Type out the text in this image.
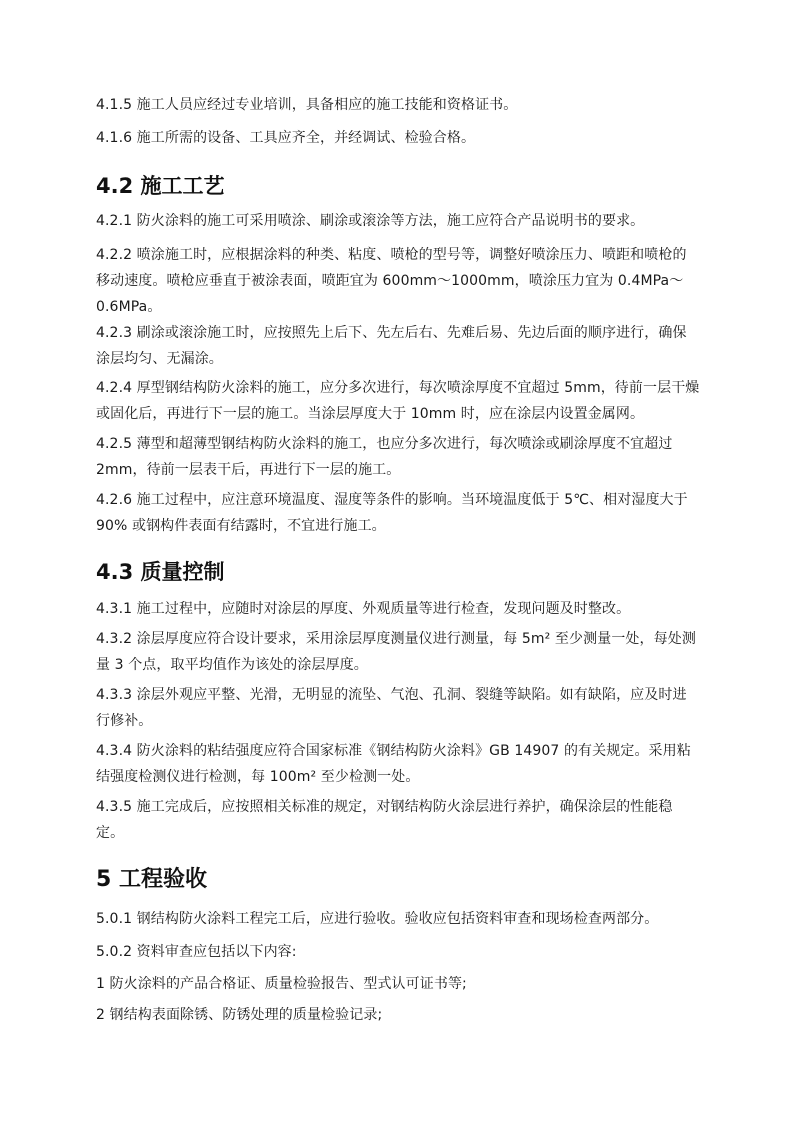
4.1.5 施工人员应经过专业培训，具备相应的施工技能和资格证书。

4.1.6 施工所需的设备、工具应齐全，并经调试、检验合格。

4.2 施工工艺

4.2.1 防火涂料的施工可采用喷涂、刷涂或滚涂等方法，施工应符合产品说明书的要求。

4.2.2 喷涂施工时，应根据涂料的种类、粘度、喷枪的型号等，调整好喷涂压力、喷距和喷枪的移动速度。喷枪应垂直于被涂表面，喷距宜为 600mm～1000mm，喷涂压力宜为 0.4MPa～0.6MPa。

4.2.3 刷涂或滚涂施工时，应按照先上后下、先左后右、先难后易、先边后面的顺序进行，确保涂层均匀、无漏涂。

4.2.4 厚型钢结构防火涂料的施工，应分多次进行，每次喷涂厚度不宜超过 5mm，待前一层干燥或固化后，再进行下一层的施工。当涂层厚度大于 10mm 时，应在涂层内设置金属网。

4.2.5 薄型和超薄型钢结构防火涂料的施工，也应分多次进行，每次喷涂或刷涂厚度不宜超过 2mm，待前一层表干后，再进行下一层的施工。

4.2.6 施工过程中，应注意环境温度、湿度等条件的影响。当环境温度低于 5℃、相对湿度大于 90% 或钢构件表面有结露时，不宜进行施工。

4.3 质量控制

4.3.1 施工过程中，应随时对涂层的厚度、外观质量等进行检查，发现问题及时整改。

4.3.2 涂层厚度应符合设计要求，采用涂层厚度测量仪进行测量，每 5m² 至少测量一处，每处测量 3 个点，取平均值作为该处的涂层厚度。

4.3.3 涂层外观应平整、光滑，无明显的流坠、气泡、孔洞、裂缝等缺陷。如有缺陷，应及时进行修补。

4.3.4 防火涂料的粘结强度应符合国家标准《钢结构防火涂料》GB 14907 的有关规定。采用粘结强度检测仪进行检测，每 100m² 至少检测一处。

4.3.5 施工完成后，应按照相关标准的规定，对钢结构防火涂层进行养护，确保涂层的性能稳定。

5 工程验收

5.0.1 钢结构防火涂料工程完工后，应进行验收。验收应包括资料审查和现场检查两部分。

5.0.2 资料审查应包括以下内容:

1 防火涂料的产品合格证、质量检验报告、型式认可证书等;

2 钢结构表面除锈、防锈处理的质量检验记录;
